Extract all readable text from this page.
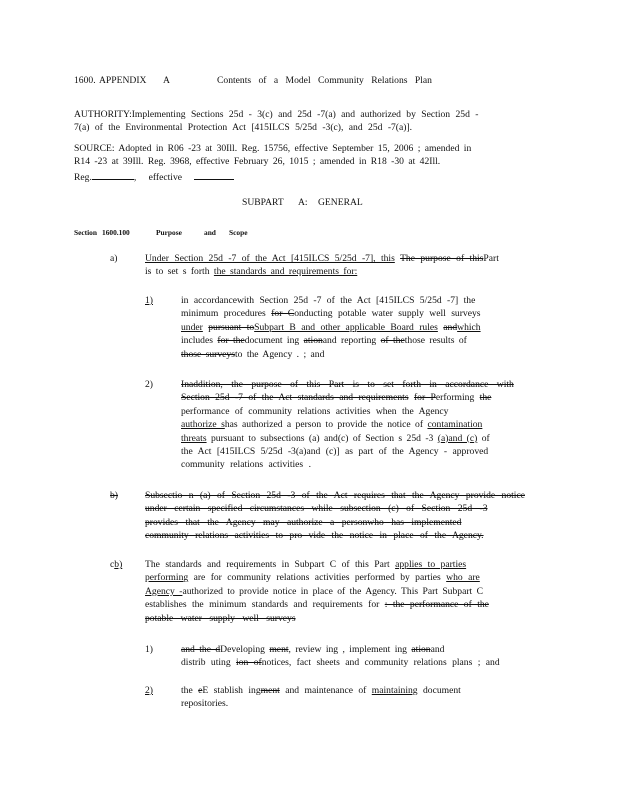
1600. APPENDIX A	Contents of a Model Community Relations Plan
AUTHORITY:Implementing Sections 25d - 3(c) and 25d -7(a) and authorized by Section 25d -
7(a) of the Environmental Protection Act [415ILCS 5/25d -3(c), and 25d -7(a)].
SOURCE: Adopted in R06 -23 at 30Ill. Reg. 15756, effective September 15, 2006 ; amended in
R14 -23 at 39Ill. Reg. 3968, effective February 26, 1015 ; amended in R18 -30 at 42Ill.
Reg.	, effective
SUBPART A: GENERAL
Section 1600.100	Purpose	and Scope
a)	Under Section 25d -7 of the Act [415ILCS 5/25d -7], this The purpose of thisPart
is to set s forth the standards and requirements for:
1)	in accordancewith Section 25d -7 of the Act [415ILCS 5/25d -7] the
minimum procedures for Conducting potable water supply well surveys
under pursuant toSubpart B and other applicable Board rules andwhich
includes for thedocument ing ationand reporting of thethose results of
those surveysto the Agency . ; and
2)	Inaddition, the purpose of this Part is to set forth in accordance with
Section 25d -7 of the Act standards and requirements for Performing the
performance of community relations activities when the Agency
authorize shas authorized a person to provide the notice of contamination
threats pursuant to subsections (a) and(c) of Section s 25d -3 (a)and (c) of
the Act [415ILCS 5/25d -3(a)and (c)] as part of the Agency - approved
community relations activities .
b)	Subsectio n (a) of Section 25d -3 of the Act requires that the Agency provide notice
under certain specified circumstances while subsection (c) of Section 25d -3
provides that the Agency may authorize a personwho has implemented
community relations activities to pro vide the notice in place of the Agency.
cb) The standards and requirements in Subpart C of this Part applies to parties
performing are for community relations activities performed by parties who are
Agency -authorized to provide notice in place of the Agency. This Part Subpart C
establishes the minimum standards and requirements for : the performance of the
potable water supply well surveys
1)	and the dDeveloping ment, review ing , implement ing ationand
distrib uting ion ofnotices, fact sheets and community relations plans ; and
2)	the eE stablish ingment and maintenance of maintaining document
repositories.
